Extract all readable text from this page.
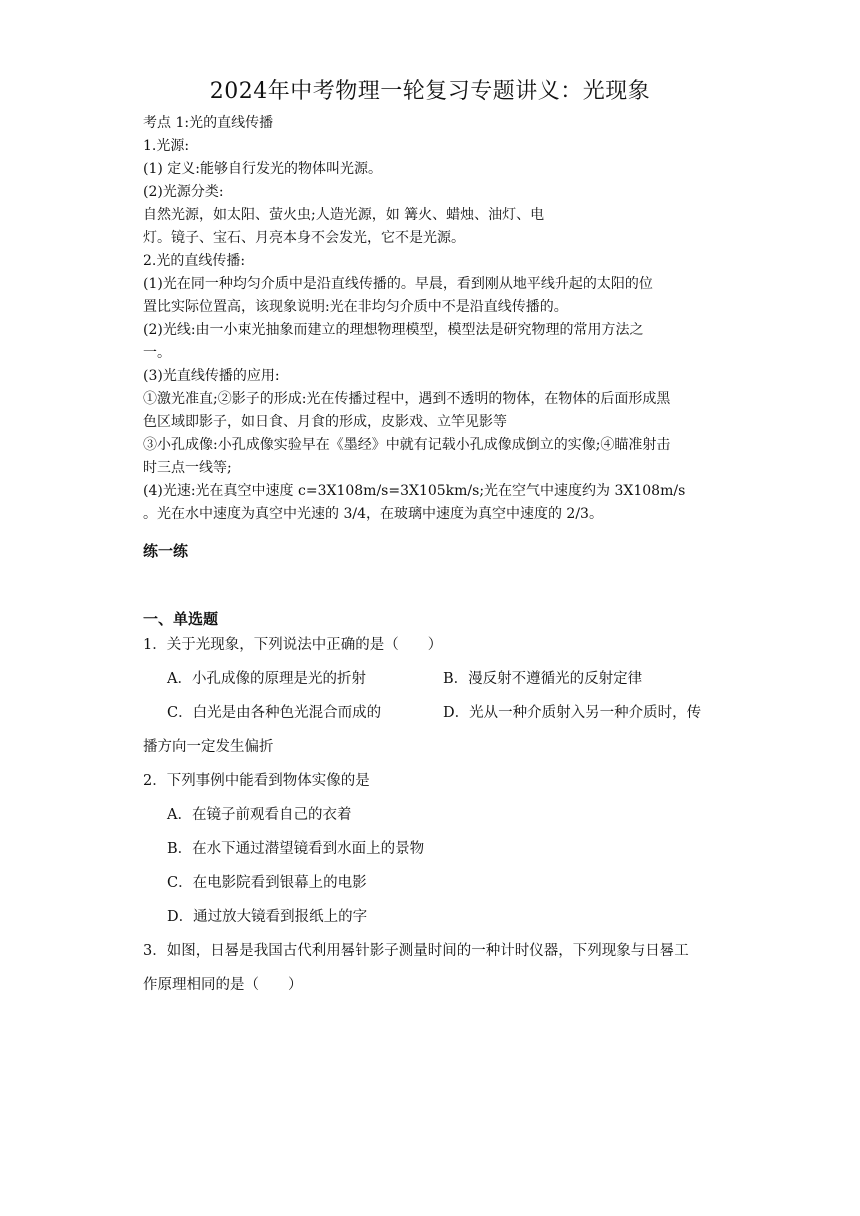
2024年中考物理一轮复习专题讲义：光现象
考点 1:光的直线传播
1.光源:
(1) 定义:能够自行发光的物体叫光源。
(2)光源分类:
自然光源，如太阳、萤火虫;人造光源，如 篝火、蜡烛、油灯、电
灯。镜子、宝石、月亮本身不会发光，它不是光源。
2.光的直线传播:
(1)光在同一种均匀介质中是沿直线传播的。早晨，看到刚从地平线升起的太阳的位
置比实际位置高，该现象说明:光在非均匀介质中不是沿直线传播的。
(2)光线:由一小束光抽象而建立的理想物理模型，模型法是研究物理的常用方法之
一。
(3)光直线传播的应用:
①激光准直;②影子的形成:光在传播过程中，遇到不透明的物体，在物体的后面形成黑
色区域即影子，如日食、月食的形成，皮影戏、立竿见影等
③小孔成像:小孔成像实验早在《墨经》中就有记载小孔成像成倒立的实像;④瞄准射击
时三点一线等;
(4)光速:光在真空中速度 c=3X108m/s=3X105km/s;光在空气中速度约为 3X108m/s
。光在水中速度为真空中光速的 3/4，在玻璃中速度为真空中速度的 2/3。
练一练
一、单选题
1．关于光现象，下列说法中正确的是（　　）
A．小孔成像的原理是光的折射	B．漫反射不遵循光的反射定律
C．白光是由各种色光混合而成的	D．光从一种介质射入另一种介质时，传
播方向一定发生偏折
2．下列事例中能看到物体实像的是
A．在镜子前观看自己的衣着
B．在水下通过潜望镜看到水面上的景物
C．在电影院看到银幕上的电影
D．通过放大镜看到报纸上的字
3．如图，日晷是我国古代利用晷针影子测量时间的一种计时仪器，下列现象与日晷工
作原理相同的是（　　）
